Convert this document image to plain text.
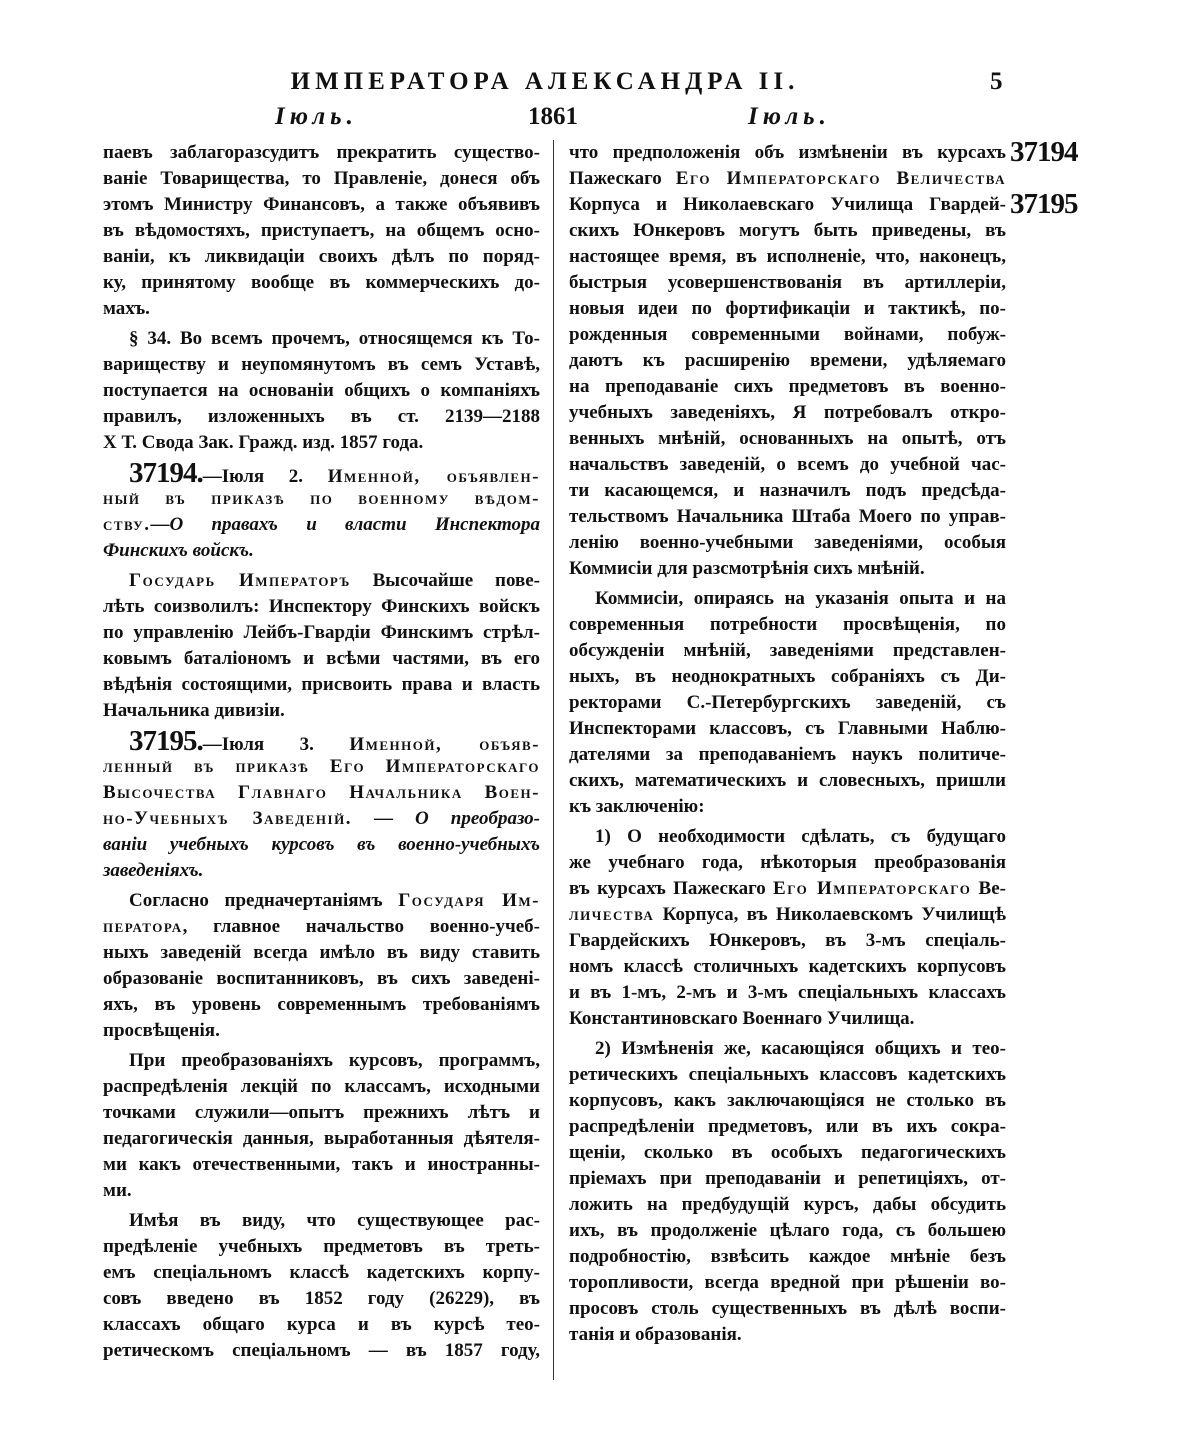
ИМПЕРАТОРА АЛЕКСАНДРА II.	5
Іюль.	1861	Іюль.
паевъ заблагоразсудитъ прекратить существо-
ваніе Товарищества, то Правленіе, донеся объ
этомъ Министру Финансовъ, а также объявивъ
въ вѣдомостяхъ, приступаетъ, на общемъ осно-
ваніи, къ ликвидаціи своихъ дѣлъ по поряд-
ку, принятому вообще въ коммерческихъ до-
махъ.
§ 34. Во всемъ прочемъ, относящемся къ То-
вариществу и неупомянутомъ въ семъ Уставѣ,
поступается на основаніи общихъ о компаніяхъ
правилъ, изложенныхъ въ ст. 2139—2188
X Т. Свода Зак. Гражд. изд. 1857 года.
37194.—Іюля 2. Именной, объявлен-
ный въ приказѣ по военному вѣдом-
ству.—О правахъ и власти Инспектора
Финскихъ войскъ.
Государь Императоръ Высочайше пове-
лѣть соизволилъ: Инспектору Финскихъ войскъ
по управленію Лейбъ-Гвардіи Финскимъ стрѣл-
ковымъ баталіономъ и всѣми частями, въ его
вѣдѣнія состоящими, присвоить права и власть
Начальника дивизіи.
37195.—Іюля 3. Именной, объяв-
ленный въ приказѣ Его Императорскаго
Высочества Главнаго Начальника Воен-
но-Учебныхъ Заведеній. — О преобразо-
ваніи учебныхъ курсовъ въ военно-учебныхъ
заведеніяхъ.
Согласно предначертаніямъ Государя Им-
ператора, главное начальство военно-учеб-
ныхъ заведеній всегда имѣло въ виду ставить
образованіе воспитанниковъ, въ сихъ заведені-
яхъ, въ уровень современнымъ требованіямъ
просвѣщенія.
При преобразованіяхъ курсовъ, программъ,
распредѣленія лекцій по классамъ, исходными
точками служили—опытъ прежнихъ лѣтъ и
педагогическія данныя, выработанныя дѣятеля-
ми какъ отечественными, такъ и иностранны-
ми.
Имѣя въ виду, что существующее рас-
предѣленіе учебныхъ предметовъ въ треть-
емъ спеціальномъ классѣ кадетскихъ корпу-
совъ введено въ 1852 году (26229), въ
классахъ общаго курса и въ курсѣ тео-
ретическомъ спеціальномъ — въ 1857 году,
что предположенія объ измѣненіи въ курсахъ
Пажескаго Его Императорскаго Величества
Корпуса и Николаевскаго Училища Гвардей-
скихъ Юнкеровъ могутъ быть приведены, въ
настоящее время, въ исполненіе, что, наконецъ,
быстрыя усовершенствованія въ артиллеріи,
новыя идеи по фортификаціи и тактикѣ, по-
рожденныя современными войнами, побуж-
даютъ къ расширенію времени, удѣляемаго
на преподаваніе сихъ предметовъ въ военно-
учебныхъ заведеніяхъ, Я потребовалъ откро-
венныхъ мнѣній, основанныхъ на опытѣ, отъ
начальствъ заведеній, о всемъ до учебной час-
ти касающемся, и назначилъ подъ предсѣда-
тельствомъ Начальника Штаба Моего по управ-
ленію военно-учебными заведеніями, особыя
Коммисіи для разсмотрѣнія сихъ мнѣній.
Коммисіи, опираясь на указанія опыта и на
современныя потребности просвѣщенія, по
обсужденіи мнѣній, заведеніями представлен-
ныхъ, въ неоднократныхъ собраніяхъ съ Ди-
ректорами С.-Петербургскихъ заведеній, съ
Инспекторами классовъ, съ Главными Наблю-
дателями за преподаваніемъ наукъ политиче-
скихъ, математическихъ и словесныхъ, пришли
къ заключенію:
1) О необходимости сдѣлать, съ будущаго
же учебнаго года, нѣкоторыя преобразованія
въ курсахъ Пажескаго Его Императорскаго Ве-
личества Корпуса, въ Николаевскомъ Училищѣ
Гвардейскихъ Юнкеровъ, въ 3-мъ спеціаль-
номъ классѣ столичныхъ кадетскихъ корпусовъ
и въ 1-мъ, 2-мъ и 3-мъ спеціальныхъ классахъ
Константиновскаго Военнаго Училища.
2) Измѣненія же, касающіяся общихъ и тео-
ретическихъ спеціальныхъ классовъ кадетскихъ
корпусовъ, какъ заключающіяся не столько въ
распредѣленіи предметовъ, или въ ихъ сокра-
щеніи, сколько въ особыхъ педагогическихъ
пріемахъ при преподаваніи и репетиціяхъ, от-
ложить на предбудущій курсъ, дабы обсудить
ихъ, въ продолженіе цѣлаго года, съ большею
подробностію, взвѣсить каждое мнѣніе безъ
торопливости, всегда вредной при рѣшеніи во-
просовъ столь существенныхъ въ дѣлѣ воспи-
танія и образованія.
37194
37195
